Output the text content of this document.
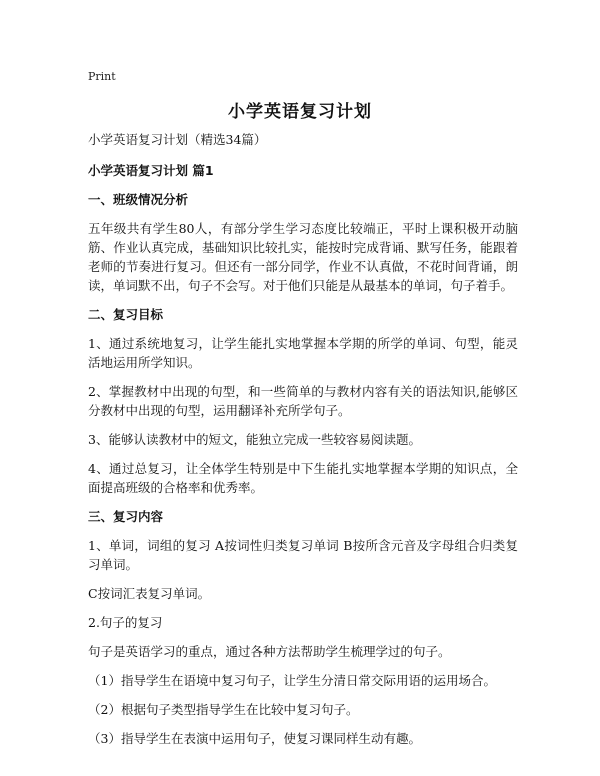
Print
小学英语复习计划

小学英语复习计划（精选34篇）

小学英语复习计划 篇1

一、班级情况分析

五年级共有学生80人，有部分学生学习态度比较端正，平时上课积极开动脑筋、作业认真完成，基础知识比较扎实，能按时完成背诵、默写任务，能跟着老师的节奏进行复习。但还有一部分同学，作业不认真做，不花时间背诵，朗读，单词默不出，句子不会写。对于他们只能是从最基本的单词，句子着手。

二、复习目标

1、通过系统地复习，让学生能扎实地掌握本学期的所学的单词、句型，能灵活地运用所学知识。

2、掌握教材中出现的句型，和一些简单的与教材内容有关的语法知识,能够区分教材中出现的句型，运用翻译补充所学句子。

3、能够认读教材中的短文，能独立完成一些较容易阅读题。

4、通过总复习，让全体学生特别是中下生能扎实地掌握本学期的知识点，全面提高班级的合格率和优秀率。

三、复习内容

1、单词，词组的复习 A按词性归类复习单词 B按所含元音及字母组合归类复习单词。

C按词汇表复习单词。

2.句子的复习

句子是英语学习的重点，通过各种方法帮助学生梳理学过的句子。

（1）指导学生在语境中复习句子，让学生分清日常交际用语的运用场合。

（2）根据句子类型指导学生在比较中复习句子。

（3）指导学生在表演中运用句子，使复习课同样生动有趣。
